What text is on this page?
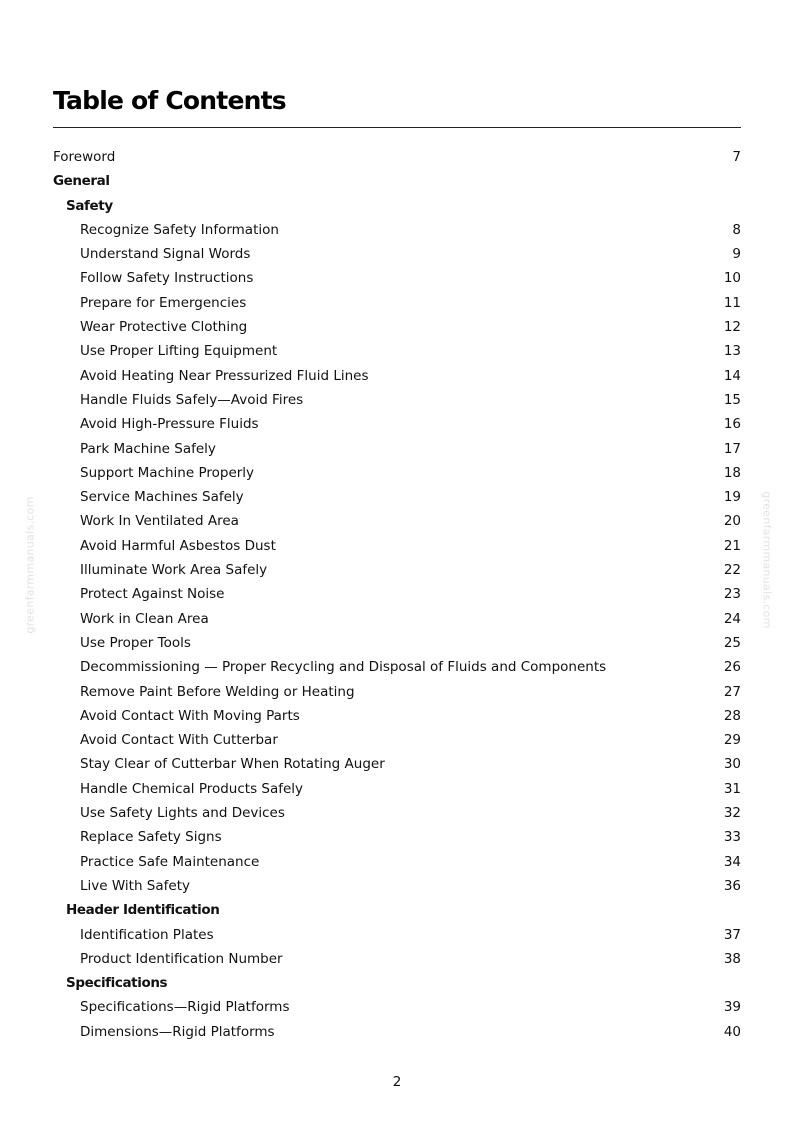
Table of Contents
Foreword	7
General
Safety
Recognize Safety Information	8
Understand Signal Words	9
Follow Safety Instructions	10
Prepare for Emergencies	11
Wear Protective Clothing	12
Use Proper Lifting Equipment	13
Avoid Heating Near Pressurized Fluid Lines	14
Handle Fluids Safely—Avoid Fires	15
Avoid High-Pressure Fluids	16
Park Machine Safely	17
Support Machine Properly	18
Service Machines Safely	19
Work In Ventilated Area	20
Avoid Harmful Asbestos Dust	21
Illuminate Work Area Safely	22
Protect Against Noise	23
Work in Clean Area	24
Use Proper Tools	25
Decommissioning — Proper Recycling and Disposal of Fluids and Components	26
Remove Paint Before Welding or Heating	27
Avoid Contact With Moving Parts	28
Avoid Contact With Cutterbar	29
Stay Clear of Cutterbar When Rotating Auger	30
Handle Chemical Products Safely	31
Use Safety Lights and Devices	32
Replace Safety Signs	33
Practice Safe Maintenance	34
Live With Safety	36
Header Identification
Identification Plates	37
Product Identification Number	38
Specifications
Specifications—Rigid Platforms	39
Dimensions—Rigid Platforms	40
2
greenfarmmanuals.com	greenfarmmanuals.com
